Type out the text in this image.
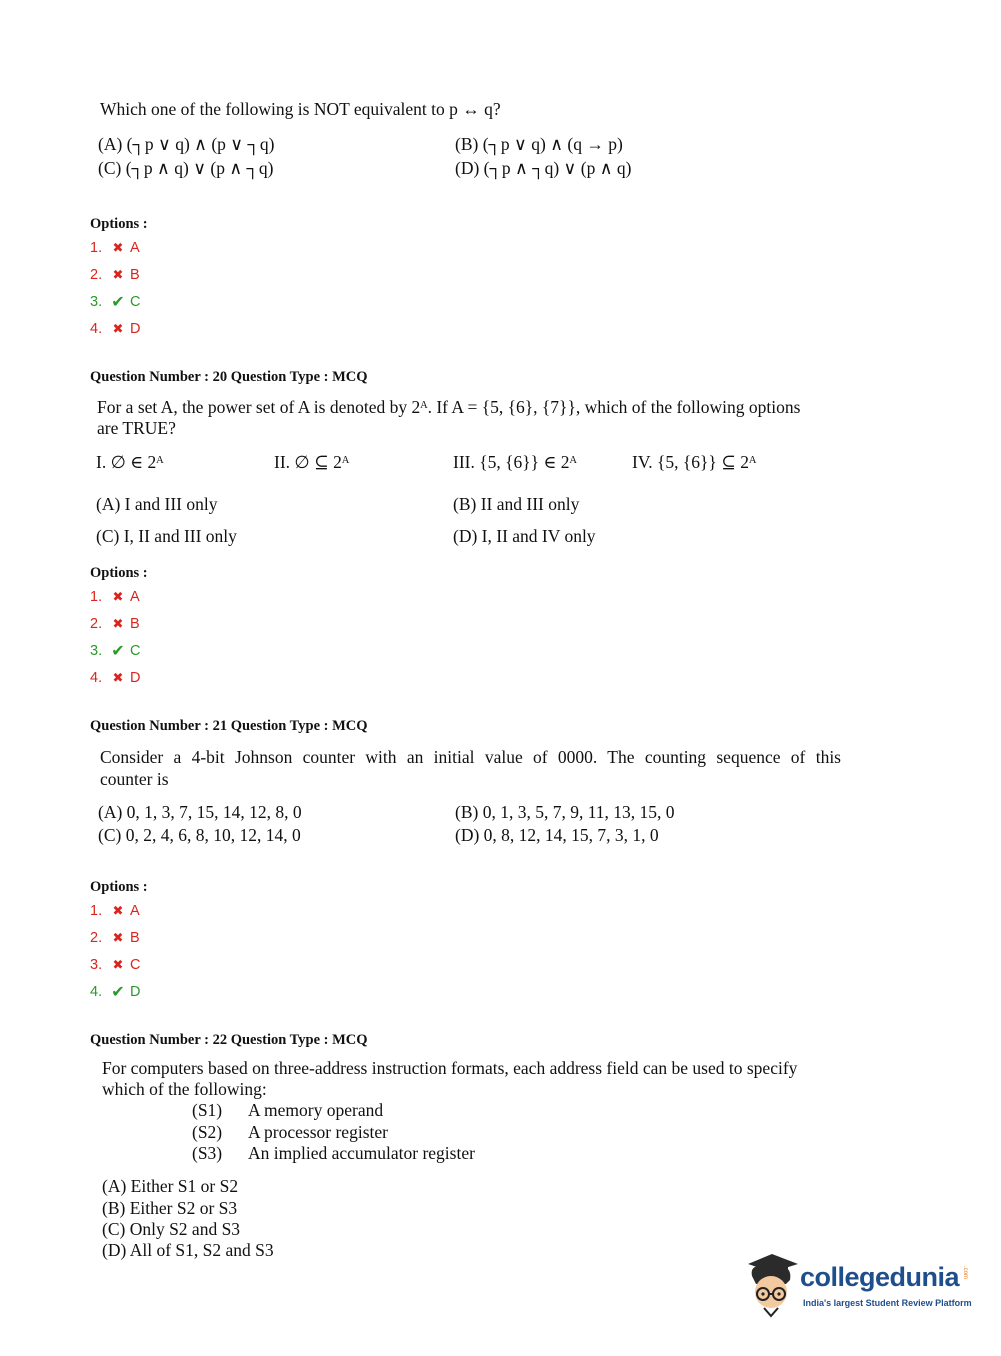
Which one of the following is NOT equivalent to p ↔ q?
(A) (┐p ∨ q) ∧ (p ∨ ┐q)	(B) (┐p ∨ q) ∧ (q → p)
(C) (┐p ∧ q) ∨ (p ∧ ┐q)	(D) (┐p ∧ ┐q) ∨ (p ∧ q)
Options :
1. ✖ A
2. ✖ B
3. ✔ C
4. ✖ D
Question Number : 20 Question Type : MCQ
For a set A, the power set of A is denoted by 2ᴬ. If A = {5, {6}, {7}}, which of the following options
are TRUE?
I. ∅ ∈ 2ᴬ	II. ∅ ⊆ 2ᴬ	III. {5, {6}} ∈ 2ᴬ	IV. {5, {6}} ⊆ 2ᴬ
(A) I and III only	(B) II and III only
(C) I, II and III only	(D) I, II and IV only
Options :
1. ✖ A
2. ✖ B
3. ✔ C
4. ✖ D
Question Number : 21 Question Type : MCQ
Consider a 4-bit Johnson counter with an initial value of 0000. The counting sequence of this
counter is
(A) 0, 1, 3, 7, 15, 14, 12, 8, 0	(B) 0, 1, 3, 5, 7, 9, 11, 13, 15, 0
(C) 0, 2, 4, 6, 8, 10, 12, 14, 0	(D) 0, 8, 12, 14, 15, 7, 3, 1, 0
Options :
1. ✖ A
2. ✖ B
3. ✖ C
4. ✔ D
Question Number : 22 Question Type : MCQ
For computers based on three-address instruction formats, each address field can be used to specify
which of the following:
(S1) A memory operand
(S2) A processor register
(S3) An implied accumulator register
(A) Either S1 or S2
(B) Either S2 or S3
(C) Only S2 and S3
(D) All of S1, S2 and S3
collegedunia .com
India's largest Student Review Platform
